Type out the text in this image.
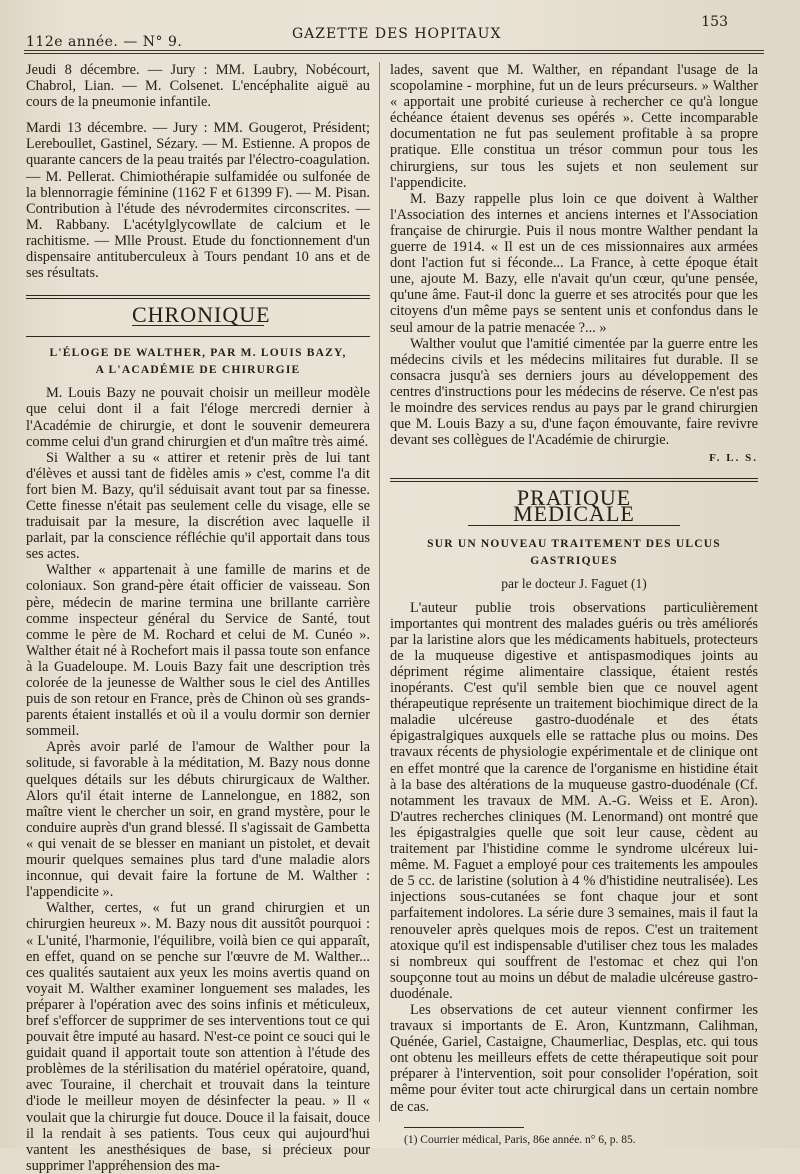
153
112e année. — N° 9.	GAZETTE DES HOPITAUX

Jeudi 8 décembre. — Jury : MM. Laubry, Nobécourt, Chabrol, Lian. — M. Colsenet. L'encéphalite aiguë au cours de la pneumonie infantile.

Mardi 13 décembre. — Jury : MM. Gougerot, Président; Lereboullet, Gastinel, Sézary. — M. Estienne. A propos de quarante cancers de la peau traités par l'électro-coagulation. — M. Pellerat. Chimiothérapie sulfamidée ou sulfonée de la blennorragie féminine (1162 F et 61399 F). — M. Pisan. Contribution à l'étude des névrodermites circonscrites. — M. Rabbany. L'acétylglycowllate de calcium et le rachitisme. — Mlle Proust. Etude du fonctionnement d'un dispensaire antituberculeux à Tours pendant 10 ans et de ses résultats.

CHRONIQUE
L'ÉLOGE DE WALTHER, PAR M. LOUIS BAZY,
A L'ACADÉMIE DE CHIRURGIE

M. Louis Bazy ne pouvait choisir un meilleur modèle que celui dont il a fait l'éloge mercredi dernier à l'Académie de chirurgie, et dont le souvenir demeurera comme celui d'un grand chirurgien et d'un maître très aimé.

Si Walther a su « attirer et retenir près de lui tant d'élèves et aussi tant de fidèles amis » c'est, comme l'a dit fort bien M. Bazy, qu'il séduisait avant tout par sa finesse. Cette finesse n'était pas seulement celle du visage, elle se traduisait par la mesure, la discrétion avec laquelle il parlait, par la conscience réfléchie qu'il apportait dans tous ses actes.

Walther « appartenait à une famille de marins et de coloniaux. Son grand-père était officier de vaisseau. Son père, médecin de marine termina une brillante carrière comme inspecteur général du Service de Santé, tout comme le père de M. Rochard et celui de M. Cunéo ». Walther était né à Rochefort mais il passa toute son enfance à la Guadeloupe. M. Louis Bazy fait une description très colorée de la jeunesse de Walther sous le ciel des Antilles puis de son retour en France, près de Chinon où ses grands-parents étaient installés et où il a voulu dormir son dernier sommeil.

Après avoir parlé de l'amour de Walther pour la solitude, si favorable à la méditation, M. Bazy nous donne quelques détails sur les débuts chirurgicaux de Walther. Alors qu'il était interne de Lannelongue, en 1882, son maître vient le chercher un soir, en grand mystère, pour le conduire auprès d'un grand blessé. Il s'agissait de Gambetta « qui venait de se blesser en maniant un pistolet, et devait mourir quelques semaines plus tard d'une maladie alors inconnue, qui devait faire la fortune de M. Walther : l'appendicite ».

Walther, certes, « fut un grand chirurgien et un chirurgien heureux ». M. Bazy nous dit aussitôt pourquoi : « L'unité, l'harmonie, l'équilibre, voilà bien ce qui apparaît, en effet, quand on se penche sur l'œuvre de M. Walther... ces qualités sautaient aux yeux les moins avertis quand on voyait M. Walther examiner longuement ses malades, les préparer à l'opération avec des soins infinis et méticuleux, bref s'efforcer de supprimer de ses interventions tout ce qui pouvait être imputé au hasard. N'est-ce point ce souci qui le guidait quand il apportait toute son attention à l'étude des problèmes de la stérilisation du matériel opératoire, quand, avec Touraine, il cherchait et trouvait dans la teinture d'iode le meilleur moyen de désinfecter la peau. » Il « voulait que la chirurgie fut douce. Douce il la faisait, douce il la rendait à ses patients. Tous ceux qui aujourd'hui vantent les anesthésiques de base, si précieux pour supprimer l'appréhension des ma-

lades, savent que M. Walther, en répandant l'usage de la scopolamine - morphine, fut un de leurs précurseurs. » Walther « apportait une probité curieuse à rechercher ce qu'à longue échéance étaient devenus ses opérés ». Cette incomparable documentation ne fut pas seulement profitable à sa propre pratique. Elle constitua un trésor commun pour tous les chirurgiens, sur tous les sujets et non seulement sur l'appendicite.

M. Bazy rappelle plus loin ce que doivent à Walther l'Association des internes et anciens internes et l'Association française de chirurgie. Puis il nous montre Walther pendant la guerre de 1914. « Il est un de ces missionnaires aux armées dont l'action fut si féconde... La France, à cette époque était une, ajoute M. Bazy, elle n'avait qu'un cœur, qu'une pensée, qu'une âme. Faut-il donc la guerre et ses atrocités pour que les citoyens d'un même pays se sentent unis et confondus dans le seul amour de la patrie menacée ?... »

Walther voulut que l'amitié cimentée par la guerre entre les médecins civils et les médecins militaires fut durable. Il se consacra jusqu'à ses derniers jours au développement des centres d'instructions pour les médecins de réserve. Ce n'est pas le moindre des services rendus au pays par le grand chirurgien que M. Louis Bazy a su, d'une façon émouvante, faire revivre devant ses collègues de l'Académie de chirurgie.

F. L. S.
PRATIQUE MÉDICALE
SUR UN NOUVEAU TRAITEMENT DES ULCUS GASTRIQUES
par le docteur J. Faguet (1)

L'auteur publie trois observations particulièrement importantes qui montrent des malades guéris ou très améliorés par la laristine alors que les médicaments habituels, protecteurs de la muqueuse digestive et antispasmodiques joints au dépriment régime alimentaire classique, étaient restés inopérants. C'est qu'il semble bien que ce nouvel agent thérapeutique représente un traitement biochimique direct de la maladie ulcéreuse gastro-duodénale et des états épigastralgiques auxquels elle se rattache plus ou moins. Des travaux récents de physiologie expérimentale et de clinique ont en effet montré que la carence de l'organisme en histidine était à la base des altérations de la muqueuse gastro-duodénale (Cf. notamment les travaux de MM. A.-G. Weiss et E. Aron). D'autres recherches cliniques (M. Lenormand) ont montré que les épigastralgies quelle que soit leur cause, cèdent au traitement par l'histidine comme le syndrome ulcéreux lui-même. M. Faguet a employé pour ces traitements les ampoules de 5 cc. de laristine (solution à 4 % d'histidine neutralisée). Les injections sous-cutanées se font chaque jour et sont parfaitement indolores. La série dure 3 semaines, mais il faut la renouveler après quelques mois de repos. C'est un traitement atoxique qu'il est indispensable d'utiliser chez tous les malades si nombreux qui souffrent de l'estomac et chez qui l'on soupçonne tout au moins un début de maladie ulcéreuse gastro-duodénale.

Les observations de cet auteur viennent confirmer les travaux si importants de E. Aron, Kuntzmann, Calihman, Quénée, Gariel, Castaigne, Chaumerliac, Desplas, etc. qui tous ont obtenu les meilleurs effets de cette thérapeutique soit pour préparer à l'intervention, soit pour consolider l'opération, soit même pour éviter tout acte chirurgical dans un certain nombre de cas.

(1) Courrier médical, Paris, 86e année. n° 6, p. 85.
